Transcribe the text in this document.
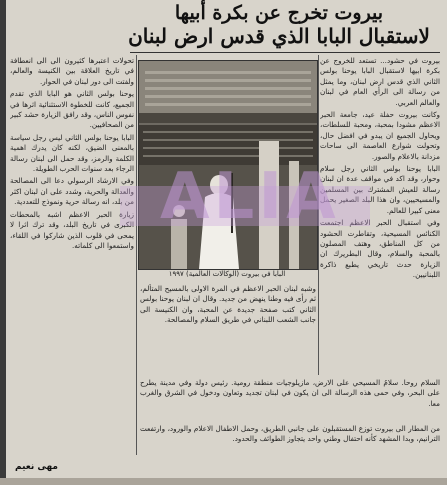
بيروت تخرج عن بكرة أبيها
لاستقبال البابا الذي قدس ارض لبنان

بيروت في حشود... تستعد للخروج عن بكرة ابيها لاستقبال البابا يوحنا بولس الثاني الذي قدس ارض لبنان، وما يمثل من رسالة الى الرأي العام في لبنان والعالم العربي.

وكانت بيروت حفلة عيد، جامعة الحبر الاعظم مشودا بمحبة، ومحبة للسلطات، ويحاول الجميع ان يبدو في افضل حال، وتحولت شوارع العاصمة الى ساحات مزدانة بالاعلام والصور.

البابا يوحنا بولس الثاني رجل سلام وحوار، وقد اكد في مواقف عدة ان لبنان رسالة للعيش المشترك بين المسلمين والمسيحيين، وان هذا البلد الصغير يحمل معنى كبيرا للعالم.

وفي استقبال الحبر الاعظم اجتمعت الكنائس المسيحية، وتقاطرت الحشود من كل المناطق، وهتف المصلون بالمحبة والسلام، وقال البطريرك ان الزيارة حدث تاريخي يطبع ذاكرة اللبنانيين.

تحولات اعتبرها كثيرون الى الى انعطافة في تاريخ العلاقة بين الكنيسة والعالم، ولفتت الى دور لبنان في الحوار.

يوحنا بولس الثاني هو البابا الذي تقدم الجميع، كانت للخطوة الاستثنائية اثرها في نفوس الناس، وقد رافق الزيارة حشد كبير من الصحافيين.

البابا يوحنا بولس الثاني ليس رجل سياسة بالمعنى الضيق، لكنه كان يدرك اهمية الكلمة والرمز، وقد حمل الى لبنان رسالة الرجاء بعد سنوات الحرب الطويلة.

وفي الارشاد الرسولي دعا الى المصالحة والعدالة والحرية، وشدد على ان لبنان اكثر من بلد، انه رسالة حرية ونموذج للتعددية.

زيارة الحبر الاعظم اشبه بالمحطات الكبرى في تاريخ البلد، وقد ترك اثرا لا يمحى في قلوب الذين شاركوا في اللقاء، واستمعوا الى كلماته.

البابا في بيروت (الوكالات العالمية) ١٩٩٧

السلام روحا. سلامُ المسيحي على الارض، مازيلوجيات منطقة رومية. رئيس دولة وفي مدينة يطرح على البحر، وفي حمى هذه الرسالة الى ان يكون في لبنان تجديد وتعاون ودخول في الشرق والغرب معا.

وشبه لبنان الحبر الاعظم في المرة الاولى بالمسيح المتألم، ثم رأى فيه وطنا ينهض من جديد. وقال ان لبنان يوحنا بولس الثاني كتب صفحة جديدة عن المحبة، وان الكنيسة الى جانب الشعب اللبناني في طريق السلام والمصالحة.

من المطار الى بيروت توزع المستقبلون على جانبي الطريق، وحمل الاطفال الاعلام والورود، وارتفعت الترانيم، وبدا المشهد كأنه احتفال وطني واحد يتجاوز الطوائف والحدود.

ALIA
مهى نعيم
